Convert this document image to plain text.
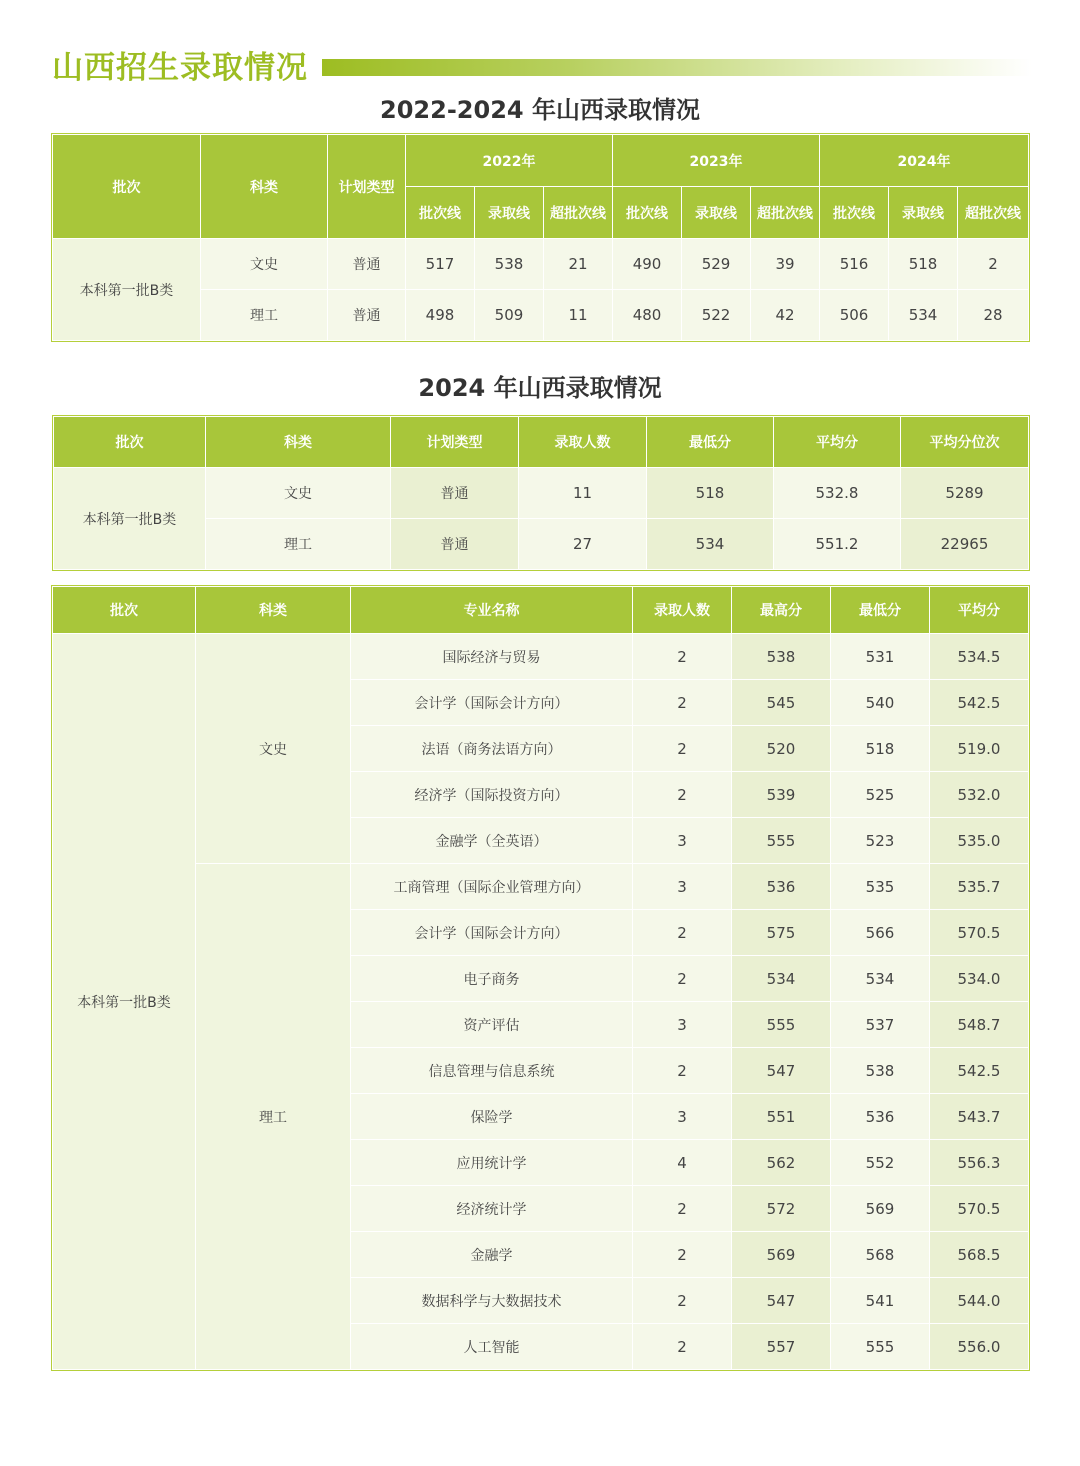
山西招生录取情况
2022-2024 年山西录取情况
批次	科类	计划类型	2022年			2023年			2024年		
			批次线	录取线	超批次线	批次线	录取线	超批次线	批次线	录取线	超批次线
本科第一批B类	文史	普通	517	538	21	490	529	39	516	518	2
	理工	普通	498	509	11	480	522	42	506	534	28
2024 年山西录取情况
批次	科类	计划类型	录取人数	最低分	平均分	平均分位次
本科第一批B类	文史	普通	11	518	532.8	5289
	理工	普通	27	534	551.2	22965
批次	科类	专业名称	录取人数	最高分	最低分	平均分
本科第一批B类	文史	国际经济与贸易	2	538	531	534.5
		会计学（国际会计方向）	2	545	540	542.5
		法语（商务法语方向）	2	520	518	519.0
		经济学（国际投资方向）	2	539	525	532.0
		金融学（全英语）	3	555	523	535.0
	理工	工商管理（国际企业管理方向）	3	536	535	535.7
		会计学（国际会计方向）	2	575	566	570.5
		电子商务	2	534	534	534.0
		资产评估	3	555	537	548.7
		信息管理与信息系统	2	547	538	542.5
		保险学	3	551	536	543.7
		应用统计学	4	562	552	556.3
		经济统计学	2	572	569	570.5
		金融学	2	569	568	568.5
		数据科学与大数据技术	2	547	541	544.0
		人工智能	2	557	555	556.0
